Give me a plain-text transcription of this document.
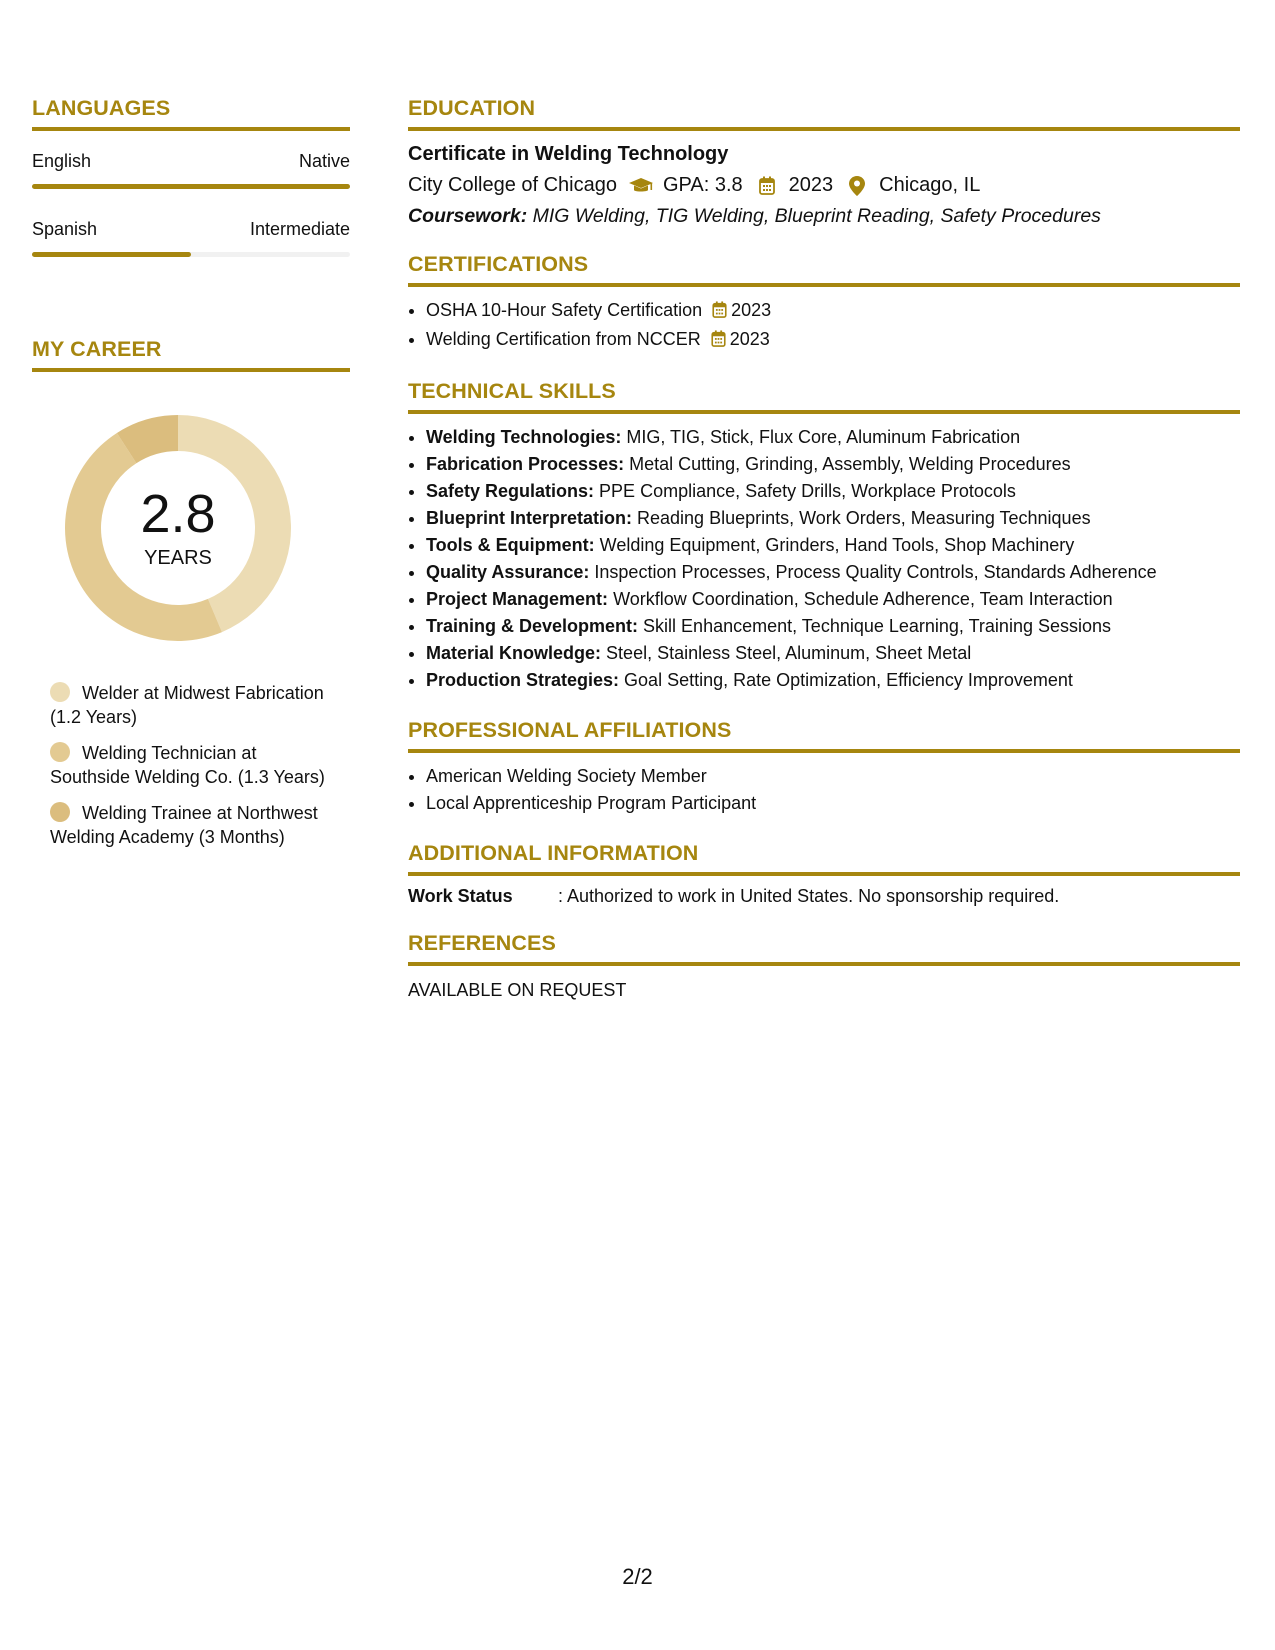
LANGUAGES
English	Native
Spanish	Intermediate
MY CAREER
2.8
YEARS
Welder at Midwest Fabrication (1.2 Years)
Welding Technician at Southside Welding Co. (1.3 Years)
Welding Trainee at Northwest Welding Academy (3 Months)
EDUCATION
Certificate in Welding Technology
City College of Chicago GPA: 3.8 2023 Chicago, IL
Coursework: MIG Welding, TIG Welding, Blueprint Reading, Safety Procedures
CERTIFICATIONS
• OSHA 10-Hour Safety Certification 2023
• Welding Certification from NCCER 2023
TECHNICAL SKILLS
• Welding Technologies: MIG, TIG, Stick, Flux Core, Aluminum Fabrication
• Fabrication Processes: Metal Cutting, Grinding, Assembly, Welding Procedures
• Safety Regulations: PPE Compliance, Safety Drills, Workplace Protocols
• Blueprint Interpretation: Reading Blueprints, Work Orders, Measuring Techniques
• Tools & Equipment: Welding Equipment, Grinders, Hand Tools, Shop Machinery
• Quality Assurance: Inspection Processes, Process Quality Controls, Standards Adherence
• Project Management: Workflow Coordination, Schedule Adherence, Team Interaction
• Training & Development: Skill Enhancement, Technique Learning, Training Sessions
• Material Knowledge: Steel, Stainless Steel, Aluminum, Sheet Metal
• Production Strategies: Goal Setting, Rate Optimization, Efficiency Improvement
PROFESSIONAL AFFILIATIONS
• American Welding Society Member
• Local Apprenticeship Program Participant
ADDITIONAL INFORMATION
Work Status	: Authorized to work in United States. No sponsorship required.
REFERENCES
AVAILABLE ON REQUEST
2/2
